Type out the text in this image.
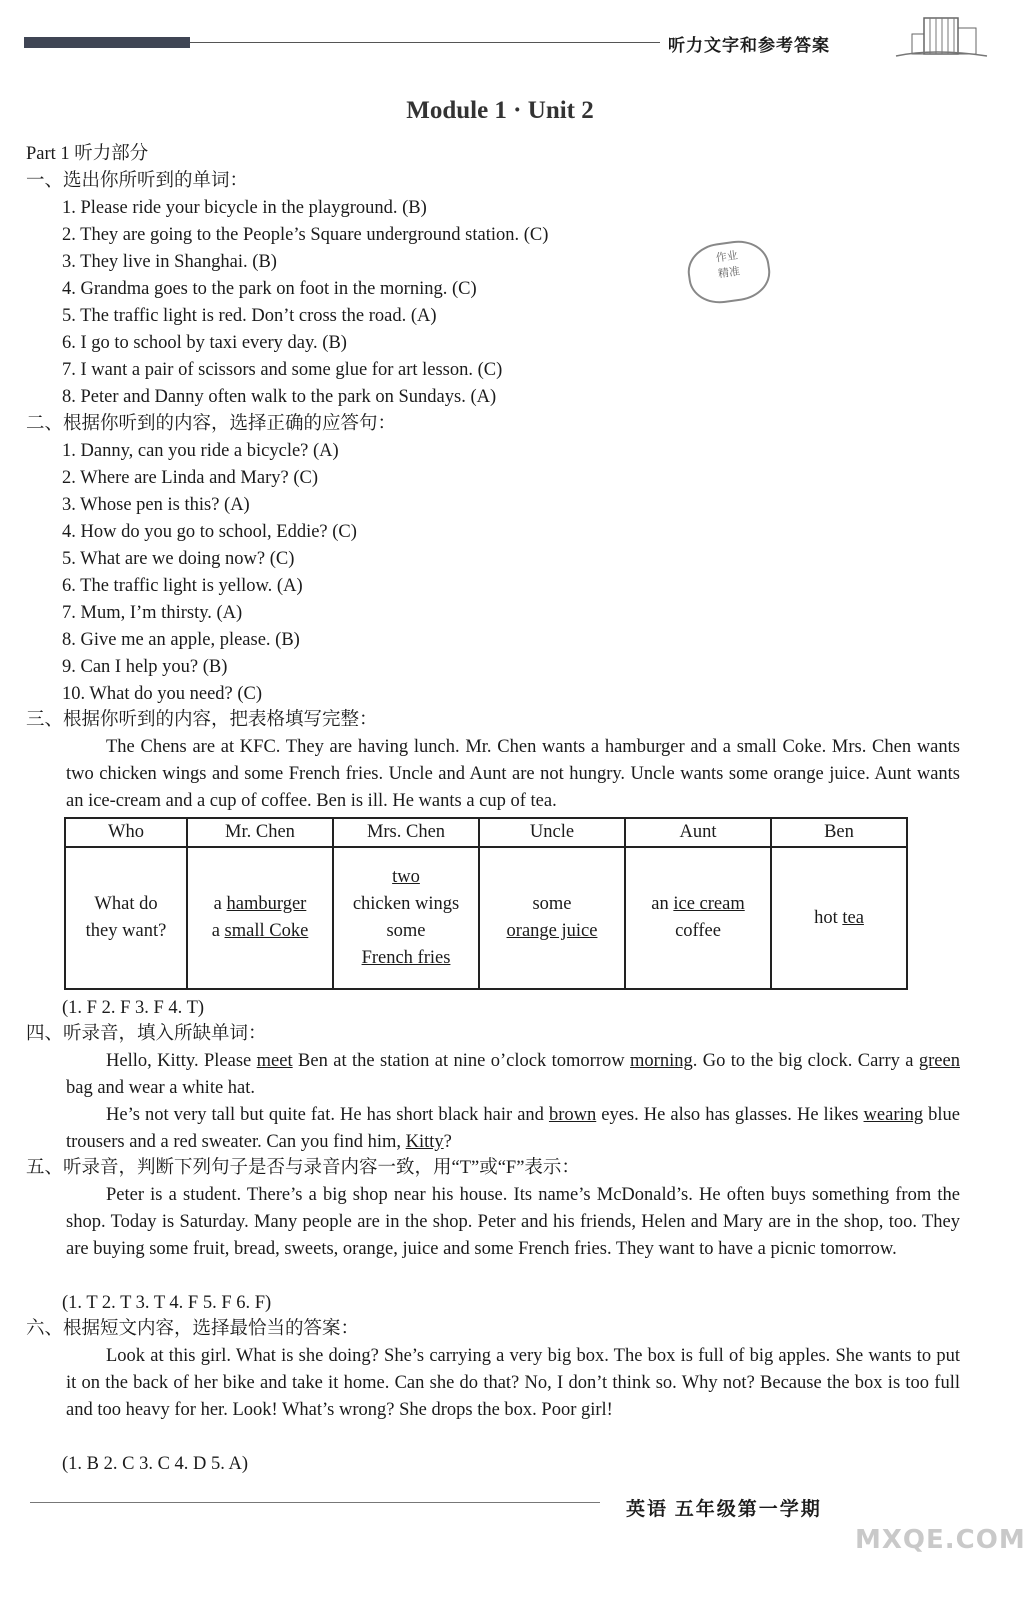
听力文字和参考答案
Module 1 · Unit 2
作业
精准
Part 1 听力部分
一、选出你所听到的单词：
1. Please ride your bicycle in the playground. (B)
2. They are going to the People’s Square underground station. (C)
3. They live in Shanghai. (B)
4. Grandma goes to the park on foot in the morning. (C)
5. The traffic light is red. Don’t cross the road. (A)
6. I go to school by taxi every day. (B)
7. I want a pair of scissors and some glue for art lesson. (C)
8. Peter and Danny often walk to the park on Sundays. (A)
二、根据你听到的内容，选择正确的应答句：
1. Danny, can you ride a bicycle? (A)
2. Where are Linda and Mary? (C)
3. Whose pen is this? (A)
4. How do you go to school, Eddie? (C)
5. What are we doing now? (C)
6. The traffic light is yellow. (A)
7. Mum, I’m thirsty. (A)
8. Give me an apple, please. (B)
9. Can I help you? (B)
10. What do you need? (C)
三、根据你听到的内容，把表格填写完整：
The Chens are at KFC. They are having lunch. Mr. Chen wants a hamburger and a small Coke. Mrs. Chen wants two chicken wings and some French fries. Uncle and Aunt are not hungry. Uncle wants some orange juice. Aunt wants an ice-cream and a cup of coffee. Ben is ill. He wants a cup of tea.
Who	Mr. Chen	Mrs. Chen	Uncle	Aunt	Ben
What do
they want?	a hamburger
a small Coke	two
chicken wings
some
French fries	some
orange juice	an ice cream
coffee	hot tea
(1. F 2. F 3. F 4. T)
四、听录音，填入所缺单词：
Hello, Kitty. Please meet Ben at the station at nine o’clock tomorrow morning. Go to the big clock. Carry a green bag and wear a white hat.
He’s not very tall but quite fat. He has short black hair and brown eyes. He also has glasses. He likes wearing blue trousers and a red sweater. Can you find him, Kitty?
五、听录音，判断下列句子是否与录音内容一致，用“T”或“F”表示：
Peter is a student. There’s a big shop near his house. Its name’s McDonald’s. He often buys something from the shop. Today is Saturday. Many people are in the shop. Peter and his friends, Helen and Mary are in the shop, too. They are buying some fruit, bread, sweets, orange, juice and some French fries. They want to have a picnic tomorrow.
(1. T 2. T 3. T 4. F 5. F 6. F)
六、根据短文内容，选择最恰当的答案：
Look at this girl. What is she doing? She’s carrying a very big box. The box is full of big apples. She wants to put it on the back of her bike and take it home. Can she do that? No, I don’t think so. Why not? Because the box is too full and too heavy for her. Look! What’s wrong? She drops the box. Poor girl!
(1. B 2. C 3. C 4. D 5. A)
英语 五年级第一学期
MXQE.COM
